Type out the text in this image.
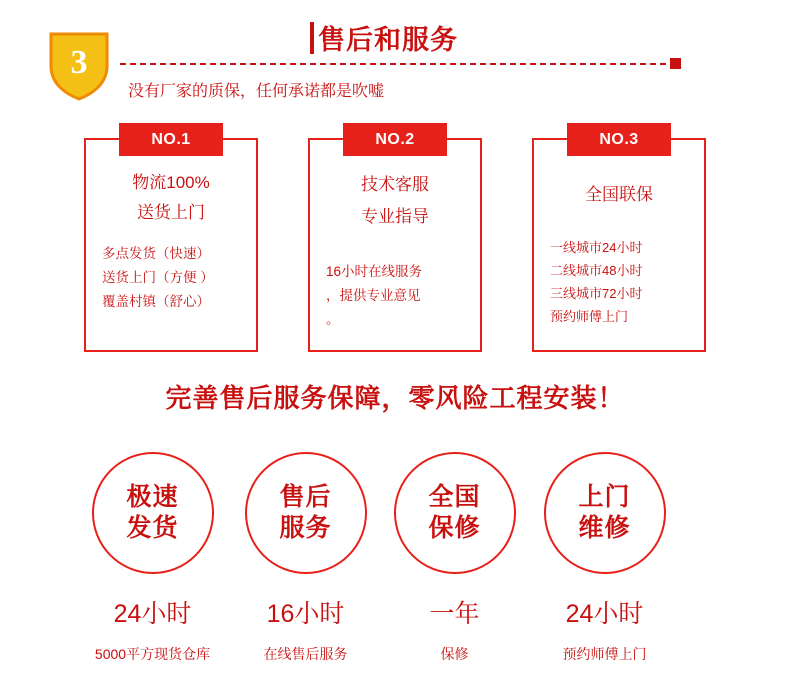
3
售后和服务
没有厂家的质保，任何承诺都是吹嘘
NO.1
物流100%
送货上门
多点发货（快速）
送货上门（方便 ）
覆盖村镇（舒心）
NO.2
技术客服
专业指导
16小时在线服务
，提供专业意见
。
NO.3
全国联保
一线城市24小时
二线城市48小时
三线城市72小时
预约师傅上门
完善售后服务保障，零风险工程安装！
极速
发货
24小时
5000平方现货仓库
售后
服务
16小时
在线售后服务
全国
保修
一年
保修
上门
维修
24小时
预约师傅上门
